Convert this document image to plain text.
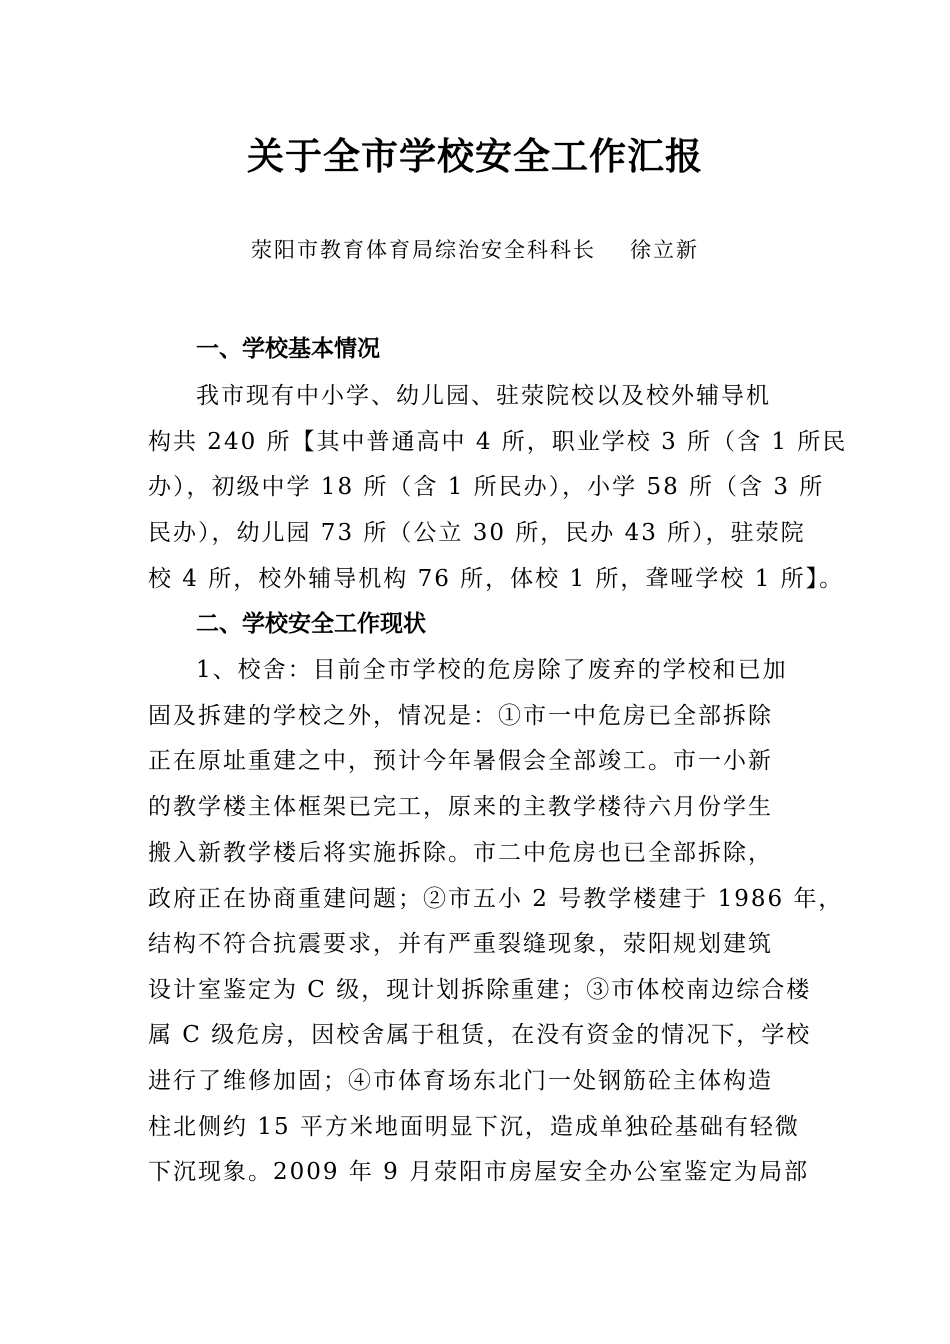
关于全市学校安全工作汇报
荥阳市教育体育局综治安全科科长 徐立新
一、学校基本情况
我市现有中小学、幼儿园、驻荥院校以及校外辅导机
构共 240 所【其中普通高中 4 所，职业学校 3 所（含 1 所民
办），初级中学 18 所（含 1 所民办），小学 58 所（含 3 所
民办），幼儿园 73 所（公立 30 所，民办 43 所），驻荥院
校 4 所，校外辅导机构 76 所，体校 1 所，聋哑学校 1 所】。
二、学校安全工作现状
1、校舍：目前全市学校的危房除了废弃的学校和已加
固及拆建的学校之外，情况是：①市一中危房已全部拆除
正在原址重建之中，预计今年暑假会全部竣工。市一小新
的教学楼主体框架已完工，原来的主教学楼待六月份学生
搬入新教学楼后将实施拆除。市二中危房也已全部拆除，
政府正在协商重建问题；②市五小 2 号教学楼建于 1986 年，
结构不符合抗震要求，并有严重裂缝现象，荥阳规划建筑
设计室鉴定为 C 级，现计划拆除重建；③市体校南边综合楼
属 C 级危房，因校舍属于租赁，在没有资金的情况下，学校
进行了维修加固；④市体育场东北门一处钢筋砼主体构造
柱北侧约 15 平方米地面明显下沉，造成单独砼基础有轻微
下沉现象。2009 年 9 月荥阳市房屋安全办公室鉴定为局部
